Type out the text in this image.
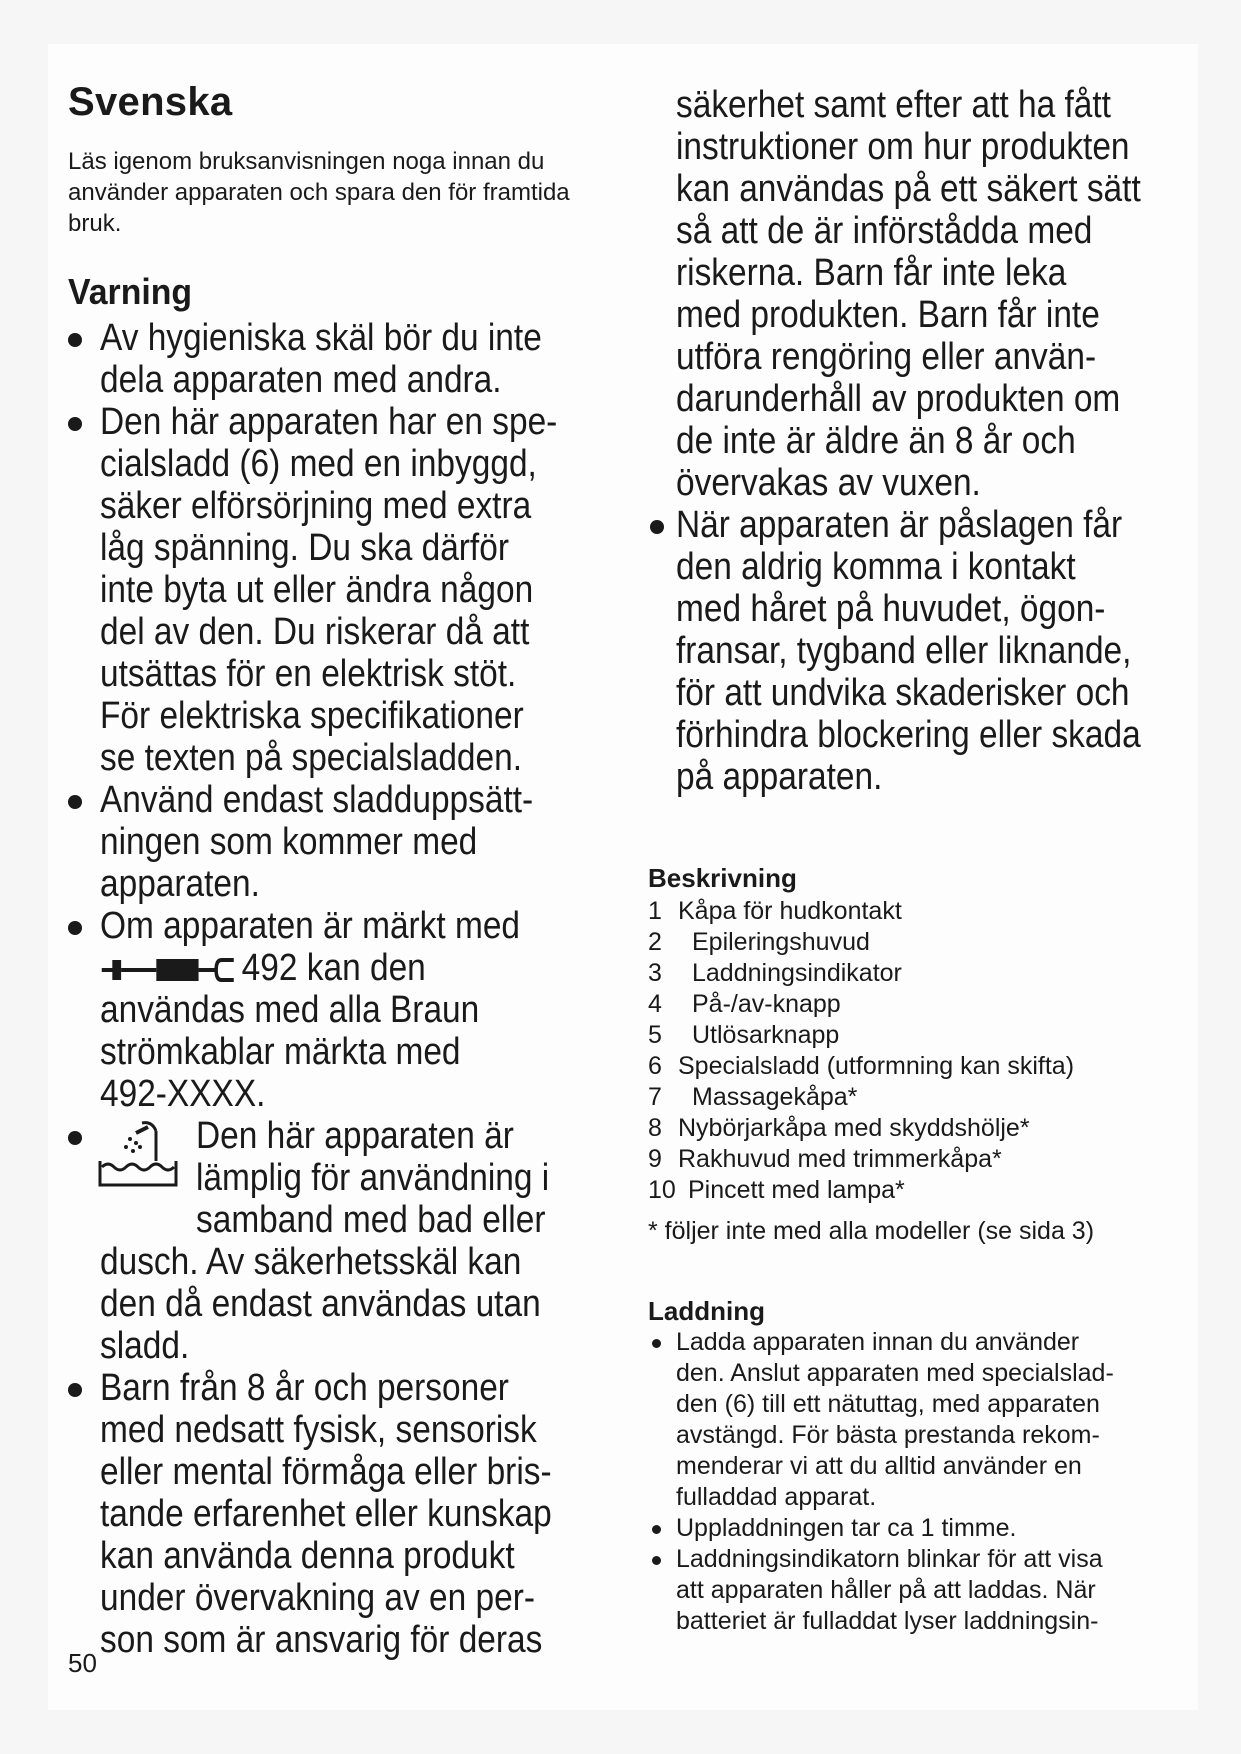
Svenska

Läs igenom bruksanvisningen noga innan du använder apparaten och spara den för framtida bruk.

Varning
Av hygieniska skäl bör du inte
dela apparaten med andra.
Den här apparaten har en spe-
cialsladd (6) med en inbyggd,
säker elförsörjning med extra
låg spänning. Du ska därför
inte byta ut eller ändra någon
del av den. Du riskerar då att
utsättas för en elektrisk stöt.
För elektriska specifikationer
se texten på specialsladden.
Använd endast sladduppsätt-
ningen som kommer med
apparaten.
Om apparaten är märkt med
492 kan den
användas med alla Braun
strömkablar märkta med
492-XXXX.
Den här apparaten är
lämplig för användning i
samband med bad eller
dusch. Av säkerhetsskäl kan
den då endast användas utan
sladd.
Barn från 8 år och personer
med nedsatt fysisk, sensorisk
eller mental förmåga eller bris-
tande erfarenhet eller kunskap
kan använda denna produkt
under övervakning av en per-
son som är ansvarig för deras
50
säkerhet samt efter att ha fått
instruktioner om hur produkten
kan användas på ett säkert sätt
så att de är införstådda med
riskerna. Barn får inte leka
med produkten. Barn får inte
utföra rengöring eller använ-
darunderhåll av produkten om
de inte är äldre än 8 år och
övervakas av vuxen.
När apparaten är påslagen får
den aldrig komma i kontakt
med håret på huvudet, ögon-
fransar, tygband eller liknande,
för att undvika skaderisker och
förhindra blockering eller skada
på apparaten.
Beskrivning
1 Kåpa för hudkontakt
2	Epileringshuvud
3	Laddningsindikator
4	På-/av-knapp
5	Utlösarknapp
6 Specialsladd (utformning kan skifta)
7	Massagekåpa*
8 Nybörjarkåpa med skyddshölje*
9 Rakhuvud med trimmerkåpa*
10 Pincett med lampa*

* följer inte med alla modeller (se sida 3)

Laddning
Ladda apparaten innan du använder
den. Anslut apparaten med specialslad-
den (6) till ett nätuttag, med apparaten
avstängd. För bästa prestanda rekom-
menderar vi att du alltid använder en
fulladdad apparat.
Uppladdningen tar ca 1 timme.
Laddningsindikatorn blinkar för att visa
att apparaten håller på att laddas. När
batteriet är fulladdat lyser laddningsin-
